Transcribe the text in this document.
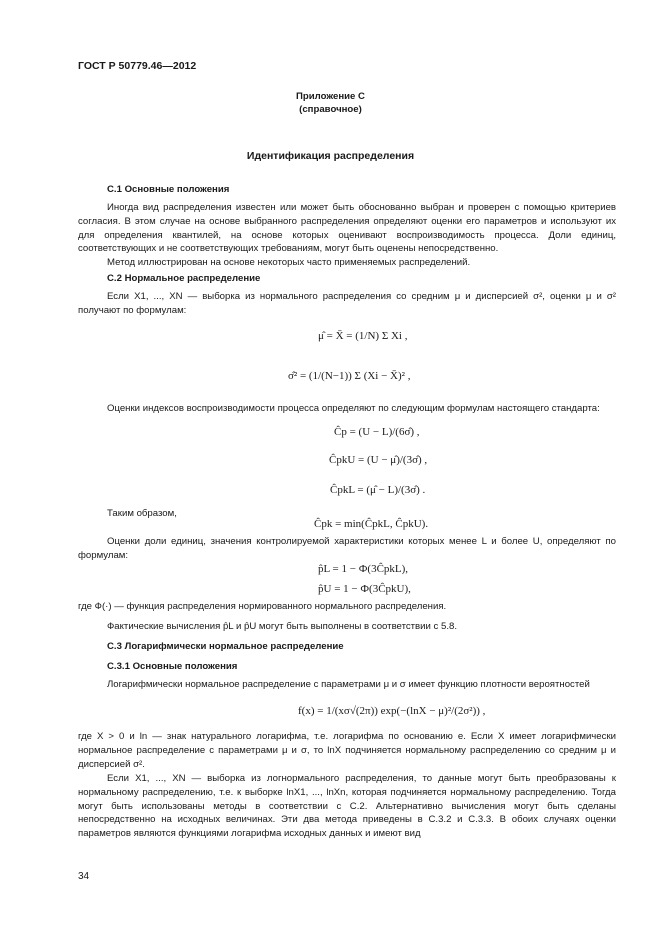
ГОСТ Р 50779.46—2012
Приложение С
(справочное)
Идентификация распределения
С.1 Основные положения

Иногда вид распределения известен или может быть обоснованно выбран и проверен с помощью критериев согласия. В этом случае на основе выбранного распределения определяют оценки его параметров и используют их для определения квантилей, на основе которых оценивают воспроизводимость процесса. Доли единиц, соответствующих и не соответствующих требованиям, могут быть оценены непосредственно.

Метод иллюстрирован на основе некоторых часто применяемых распределений.

С.2 Нормальное распределение

Если X1, ..., XN — выборка из нормального распределения со средним μ и дисперсией σ², оценки μ и σ² получают по формулам:

μ̂ = X̄ = (1/N) Σ Xi ,
σ̂² = (1/(N−1)) Σ (Xi − X̄)² ,

Оценки индексов воспроизводимости процесса определяют по следующим формулам настоящего стандарта:

Ĉp = (U − L)/(6σ̂) ,
ĈpkU = (U − μ̂)/(3σ̂) ,
ĈpkL = (μ̂ − L)/(3σ̂) .
Таким образом,
Ĉpk = min(ĈpkL, ĈpkU).

Оценки доли единиц, значения контролируемой характеристики которых менее L и более U, определяют по формулам:

p̂L = 1 − Ф(3ĈpkL),
p̂U = 1 − Ф(3ĈpkU),
где Ф(·) — функция распределения нормированного нормального распределения.
Фактические вычисления p̂L и p̂U могут быть выполнены в соответствии с 5.8.
С.3 Логарифмически нормальное распределение
С.3.1 Основные положения

Логарифмически нормальное распределение с параметрами μ и σ имеет функцию плотности вероятностей

f(x) = 1/(xσ√(2π)) exp(−(lnX − μ)²/(2σ²)) ,

где X > 0 и ln — знак натурального логарифма, т.е. логарифма по основанию e. Если X имеет логарифмически нормальное распределение с параметрами μ и σ, то lnX подчиняется нормальному распределению со средним μ и дисперсией σ².

Если X1, ..., XN — выборка из логнормального распределения, то данные могут быть преобразованы к нормальному распределению, т.е. к выборке lnX1, ..., lnXn, которая подчиняется нормальному распределению. Тогда могут быть использованы методы в соответствии с С.2. Альтернативно вычисления могут быть сделаны непосредственно на исходных величинах. Эти два метода приведены в С.3.2 и С.3.3. В обоих случаях оценки параметров являются функциями логарифма исходных данных и имеют вид

34
